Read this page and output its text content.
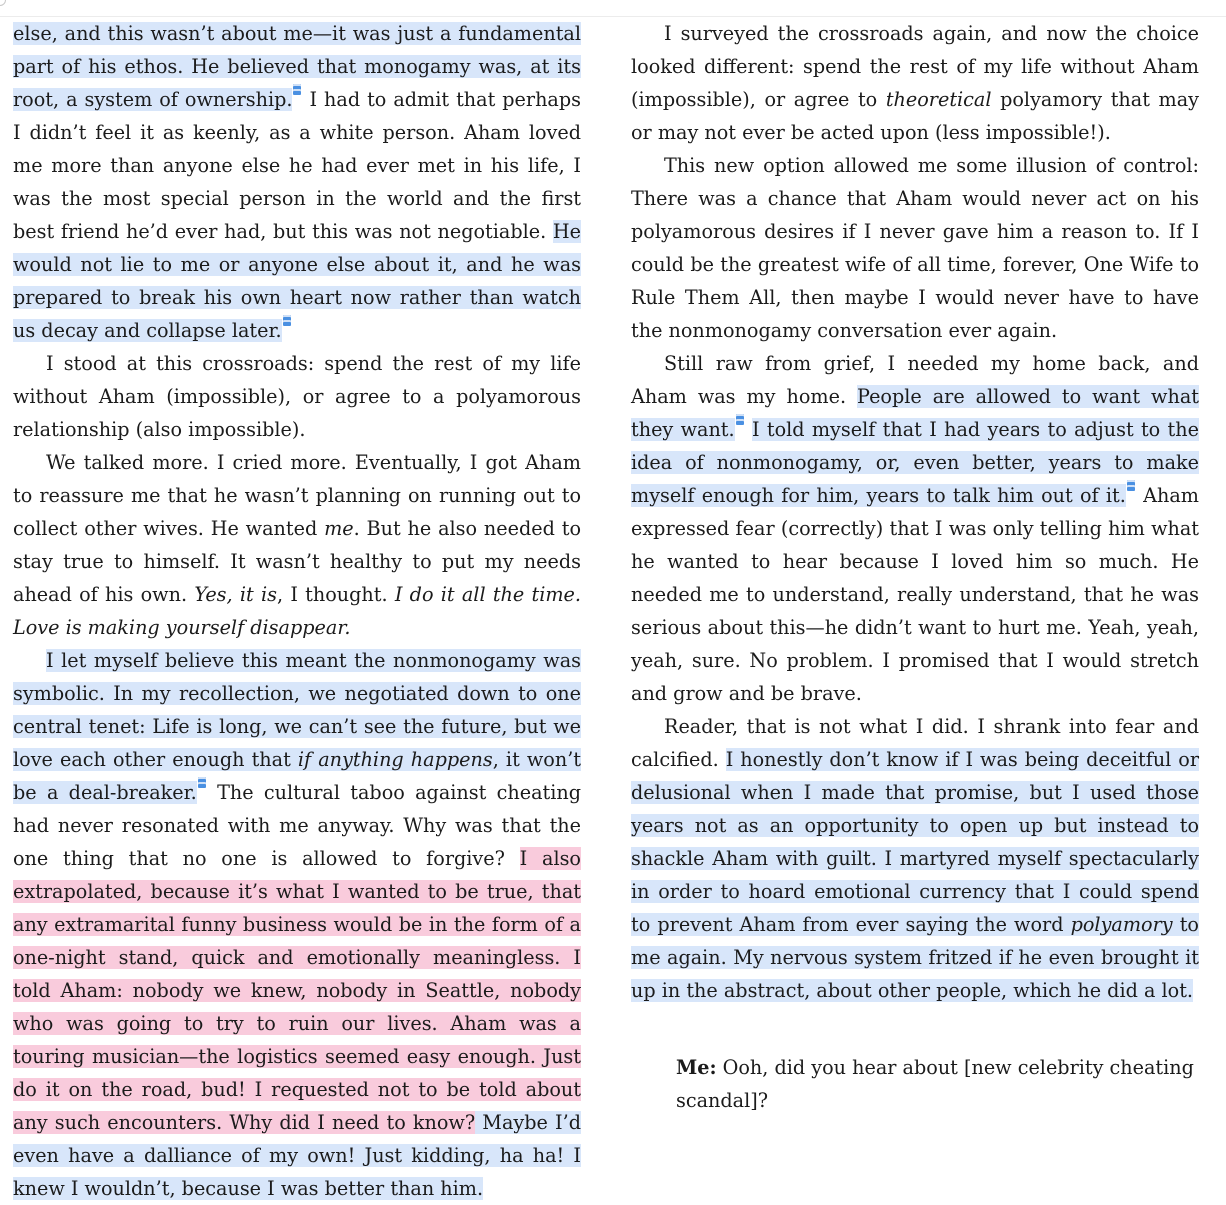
else, and this wasn’t about me—it was just a fundamental part of his ethos. He believed that monogamy was, at its root, a system of ownership. I had to admit that perhaps I didn’t feel it as keenly, as a white person. Aham loved me more than anyone else he had ever met in his life, I was the most special person in the world and the first best friend he’d ever had, but this was not negotiable. He would not lie to me or anyone else about it, and he was prepared to break his own heart now rather than watch us decay and collapse later.

I stood at this crossroads: spend the rest of my life without Aham (impossible), or agree to a polyamorous relationship (also impossible).

We talked more. I cried more. Eventually, I got Aham to reassure me that he wasn’t planning on running out to collect other wives. He wanted me. But he also needed to stay true to himself. It wasn’t healthy to put my needs ahead of his own. Yes, it is, I thought. I do it all the time. Love is making yourself disappear.

I let myself believe this meant the nonmonogamy was symbolic. In my recollection, we negotiated down to one central tenet: Life is long, we can’t see the future, but we love each other enough that if anything happens, it won’t be a deal-breaker. The cultural taboo against cheating had never resonated with me anyway. Why was that the one thing that no one is allowed to forgive? I also extrapolated, because it’s what I wanted to be true, that any extramarital funny business would be in the form of a one-night stand, quick and emotionally meaningless. I told Aham: nobody we knew, nobody in Seattle, nobody who was going to try to ruin our lives. Aham was a touring musician—the logistics seemed easy enough. Just do it on the road, bud! I requested not to be told about any such encounters. Why did I need to know? Maybe I’d even have a dalliance of my own! Just kidding, ha ha! I knew I wouldn’t, because I was better than him.

I surveyed the crossroads again, and now the choice looked different: spend the rest of my life without Aham (impossible), or agree to theoretical polyamory that may or may not ever be acted upon (less impossible!).

This new option allowed me some illusion of control: There was a chance that Aham would never act on his polyamorous desires if I never gave him a reason to. If I could be the greatest wife of all time, forever, One Wife to Rule Them All, then maybe I would never have to have the nonmonogamy conversation ever again.

Still raw from grief, I needed my home back, and Aham was my home. People are allowed to want what they want. I told myself that I had years to adjust to the idea of nonmonogamy, or, even better, years to make myself enough for him, years to talk him out of it. Aham expressed fear (correctly) that I was only telling him what he wanted to hear because I loved him so much. He needed me to understand, really understand, that he was serious about this—he didn’t want to hurt me. Yeah, yeah, yeah, sure. No problem. I promised that I would stretch and grow and be brave.

Reader, that is not what I did. I shrank into fear and calcified. I honestly don’t know if I was being deceitful or delusional when I made that promise, but I used those years not as an opportunity to open up but instead to shackle Aham with guilt. I martyred myself spectacularly in order to hoard emotional currency that I could spend to prevent Aham from ever saying the word polyamory to me again. My nervous system fritzed if he even brought it up in the abstract, about other people, which he did a lot.

Me: Ooh, did you hear about [new celebrity cheating scandal]?
